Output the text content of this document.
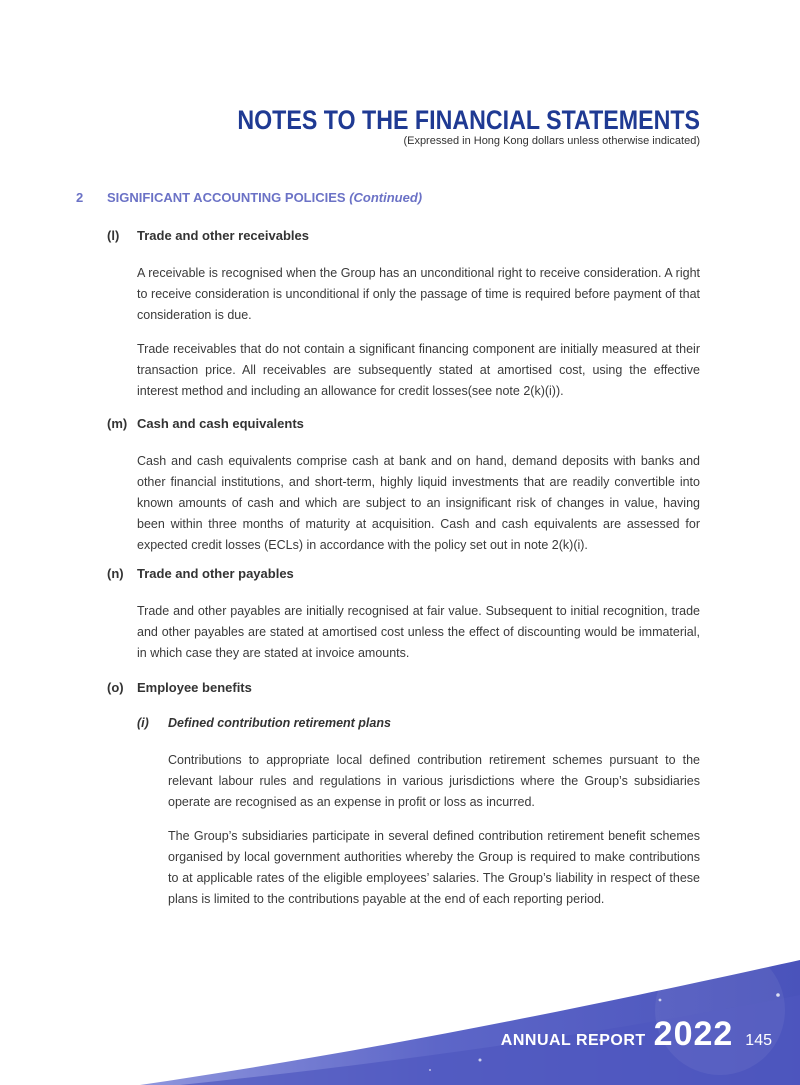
NOTES TO THE FINANCIAL STATEMENTS
(Expressed in Hong Kong dollars unless otherwise indicated)
2 SIGNIFICANT ACCOUNTING POLICIES (Continued)
(l) Trade and other receivables

A receivable is recognised when the Group has an unconditional right to receive consideration. A right to receive consideration is unconditional if only the passage of time is required before payment of that consideration is due.

Trade receivables that do not contain a significant financing component are initially measured at their transaction price. All receivables are subsequently stated at amortised cost, using the effective interest method and including an allowance for credit losses(see note 2(k)(i)).

(m) Cash and cash equivalents

Cash and cash equivalents comprise cash at bank and on hand, demand deposits with banks and other financial institutions, and short-term, highly liquid investments that are readily convertible into known amounts of cash and which are subject to an insignificant risk of changes in value, having been within three months of maturity at acquisition. Cash and cash equivalents are assessed for expected credit losses (ECLs) in accordance with the policy set out in note 2(k)(i).

(n) Trade and other payables

Trade and other payables are initially recognised at fair value. Subsequent to initial recognition, trade and other payables are stated at amortised cost unless the effect of discounting would be immaterial, in which case they are stated at invoice amounts.

(o) Employee benefits
(i) Defined contribution retirement plans

Contributions to appropriate local defined contribution retirement schemes pursuant to the relevant labour rules and regulations in various jurisdictions where the Group’s subsidiaries operate are recognised as an expense in profit or loss as incurred.

The Group’s subsidiaries participate in several defined contribution retirement benefit schemes organised by local government authorities whereby the Group is required to make contributions to at applicable rates of the eligible employees’ salaries. The Group’s liability in respect of these plans is limited to the contributions payable at the end of each reporting period.

ANNUAL REPORT 2022 145
